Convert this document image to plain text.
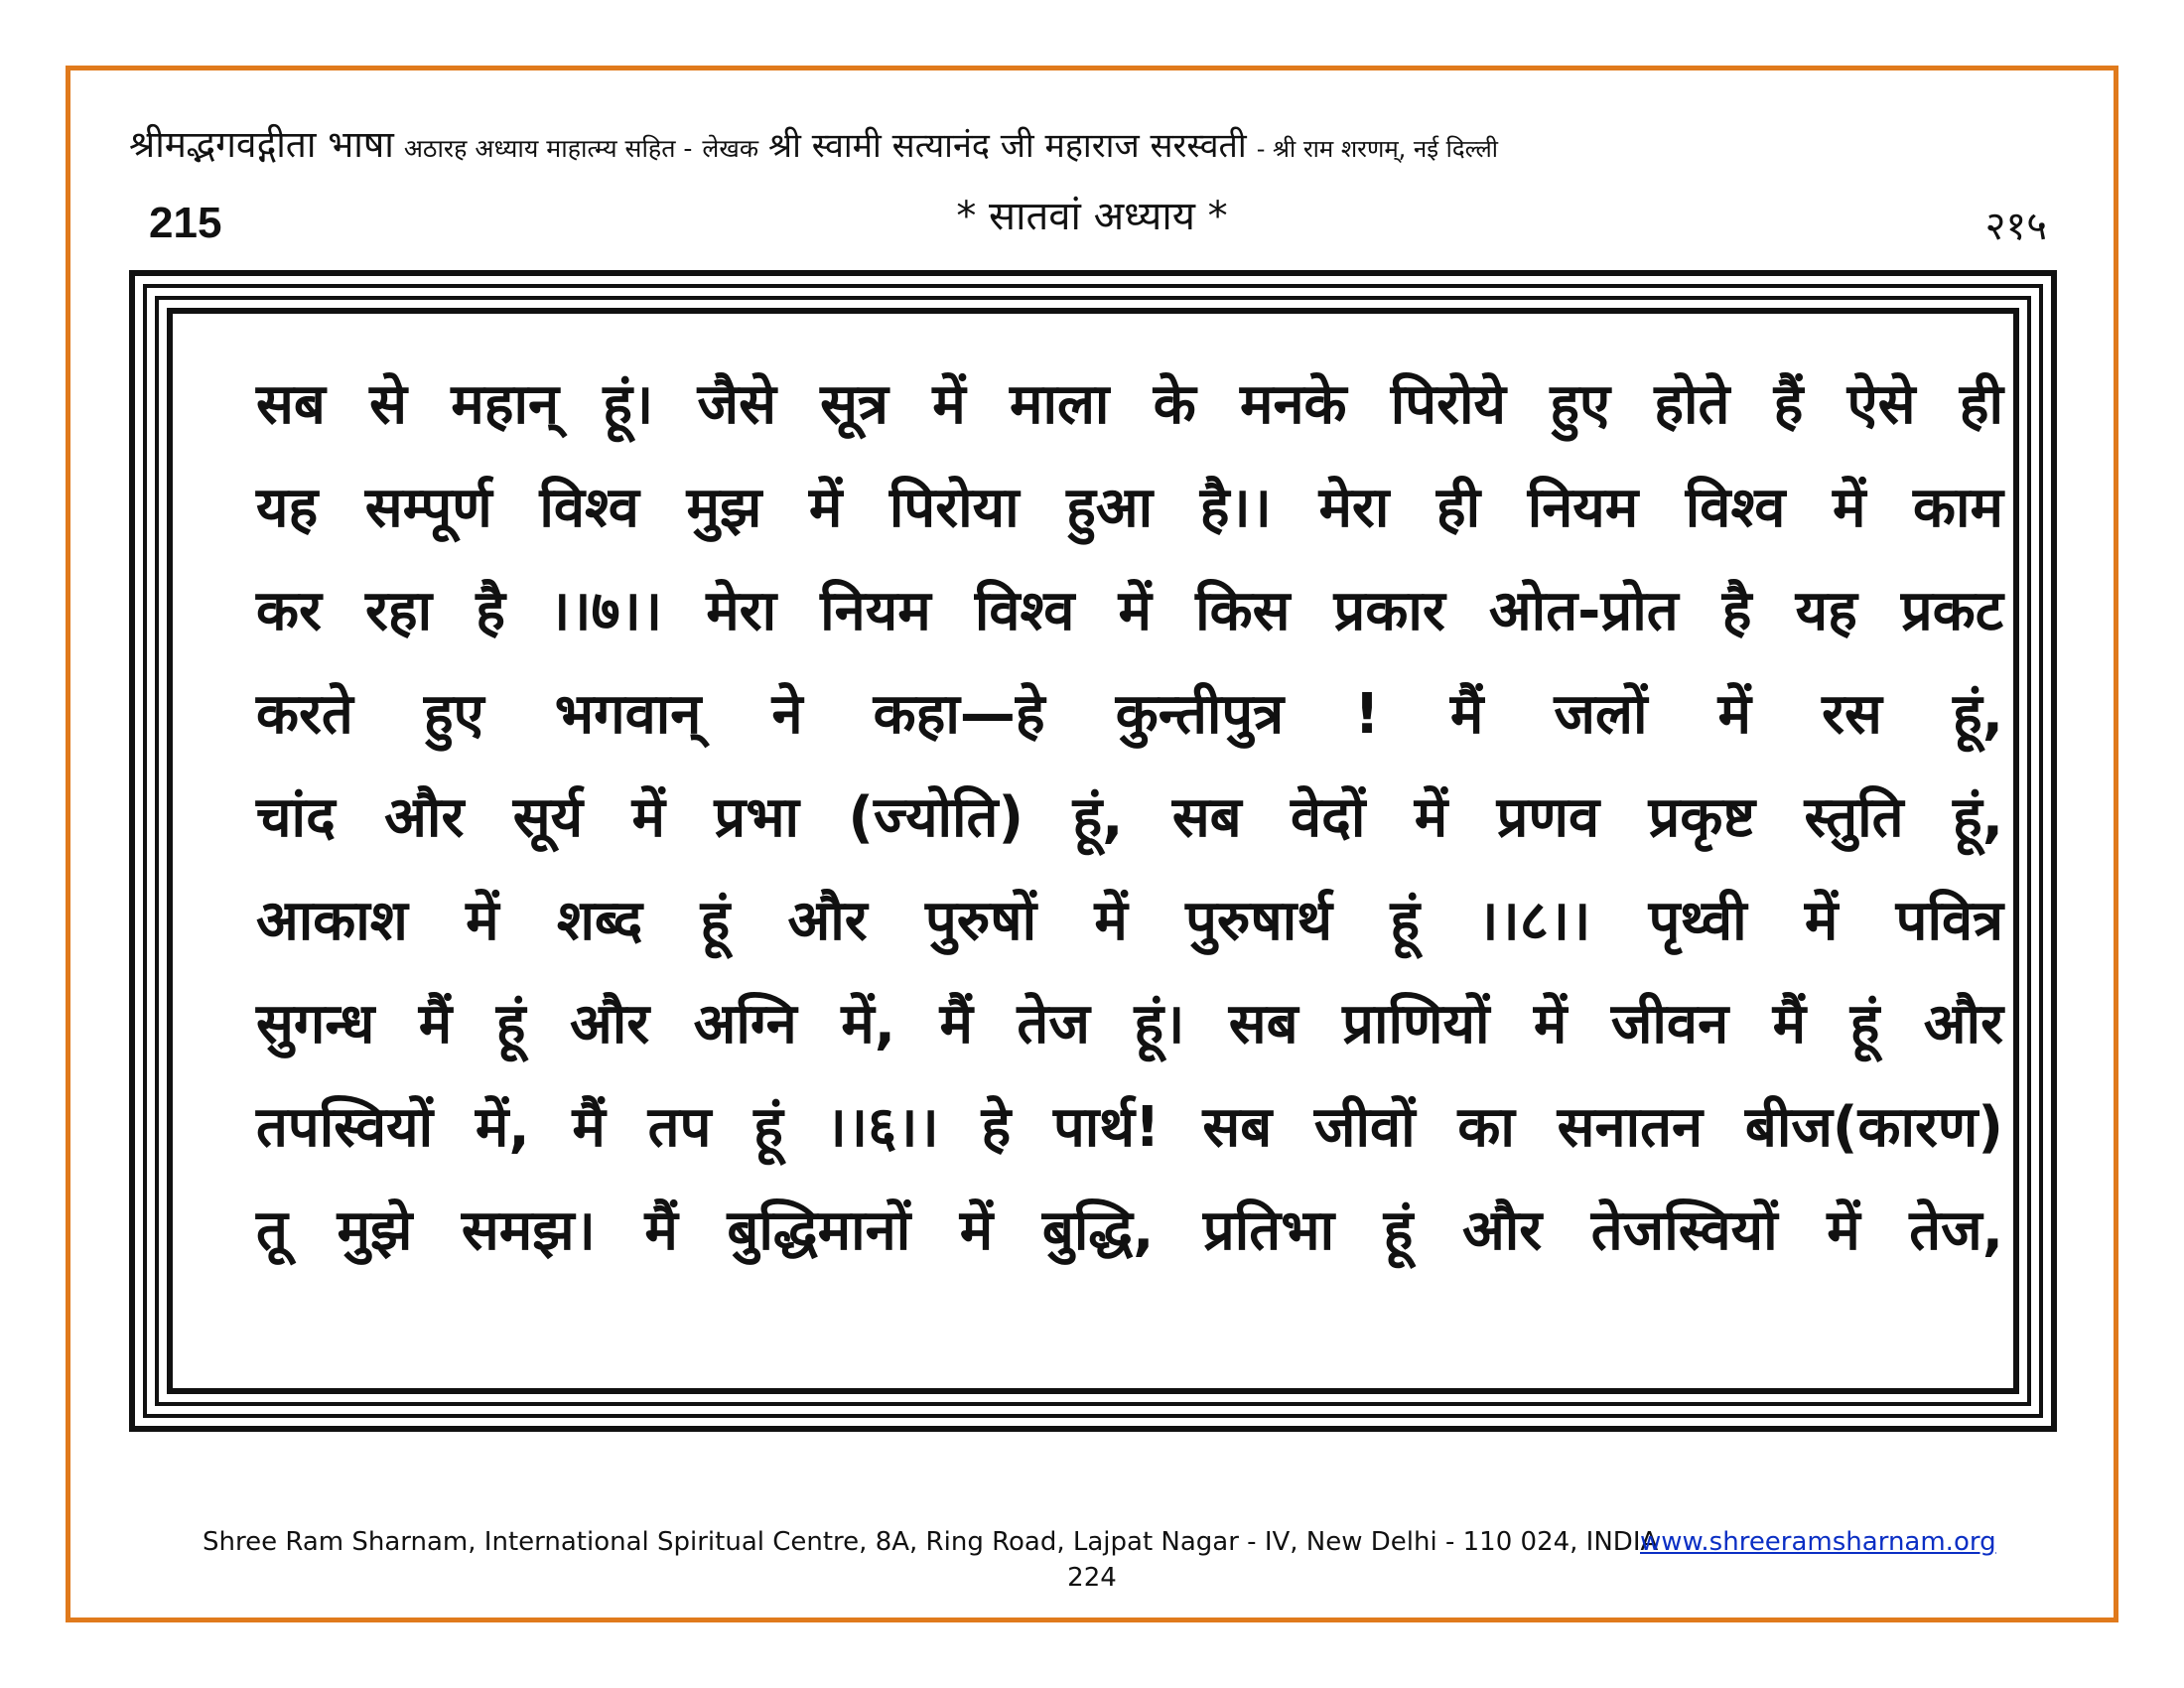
श्रीमद्भगवद्गीता भाषा अठारह अध्याय माहात्म्य सहित - लेखक श्री स्वामी सत्यानंद जी महाराज सरस्वती - श्री राम शरणम्, नई दिल्ली
215	* सातवां अध्याय *	२१५
सब से महान् हूं। जैसे सूत्र में माला के मनके पिरोये हुए होते हैं ऐसे ही
यह सम्पूर्ण विश्व मुझ में पिरोया हुआ है।। मेरा ही नियम विश्व में काम
कर रहा है ।।७।। मेरा नियम विश्व में किस प्रकार ओत-प्रोत है यह प्रकट
करते हुए भगवान् ने कहा—हे कुन्तीपुत्र ! मैं जलों में रस हूं,
चांद और सूर्य में प्रभा (ज्योति) हूं, सब वेदों में प्रणव प्रकृष्ट स्तुति हूं,
आकाश में शब्द हूं और पुरुषों में पुरुषार्थ हूं ।।८।। पृथ्वी में पवित्र
सुगन्ध मैं हूं और अग्नि में, मैं तेज हूं। सब प्राणियों में जीवन मैं हूं और
तपस्वियों में, मैं तप हूं ।।६।। हे पार्थ! सब जीवों का सनातन बीज(कारण)
तू मुझे समझ। मैं बुद्धिमानों में बुद्धि, प्रतिभा हूं और तेजस्वियों में तेज,
Shree Ram Sharnam, International Spiritual Centre, 8A, Ring Road, Lajpat Nagar - IV, New Delhi - 110 024, INDIA
www.shreeramsharnam.org
224
